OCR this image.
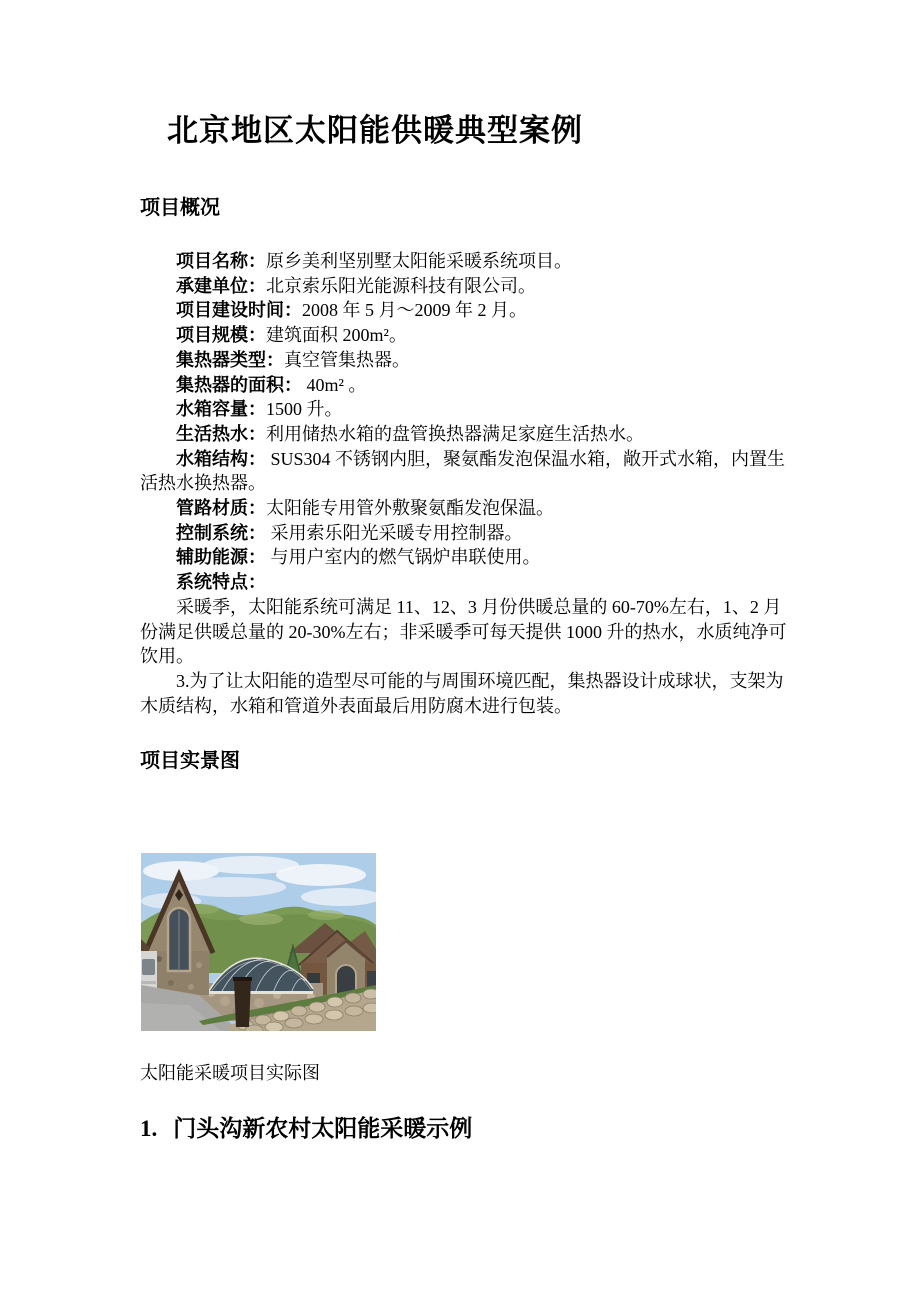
北京地区太阳能供暖典型案例
项目概况

项目名称：原乡美利坚别墅太阳能采暖系统项目。

承建单位：北京索乐阳光能源科技有限公司。

项目建设时间：2008 年 5 月～2009 年 2 月。

项目规模：建筑面积 200m²。

集热器类型：真空管集热器。

集热器的面积： 40m² 。

水箱容量：1500 升。

生活热水：利用储热水箱的盘管换热器满足家庭生活热水。

水箱结构： SUS304 不锈钢内胆，聚氨酯发泡保温水箱，敞开式水箱，内置生活热水换热器。

管路材质：太阳能专用管外敷聚氨酯发泡保温。

控制系统： 采用索乐阳光采暖专用控制器。

辅助能源： 与用户室内的燃气锅炉串联使用。

系统特点：

采暖季，太阳能系统可满足 11、12、3 月份供暖总量的 60-70%左右，1、2 月份满足供暖总量的 20-30%左右；非采暖季可每天提供 1000 升的热水，水质纯净可饮用。

3.为了让太阳能的造型尽可能的与周围环境匹配，集热器设计成球状，支架为木质结构，水箱和管道外表面最后用防腐木进行包装。

项目实景图

太阳能采暖项目实际图

1. 门头沟新农村太阳能采暖示例
